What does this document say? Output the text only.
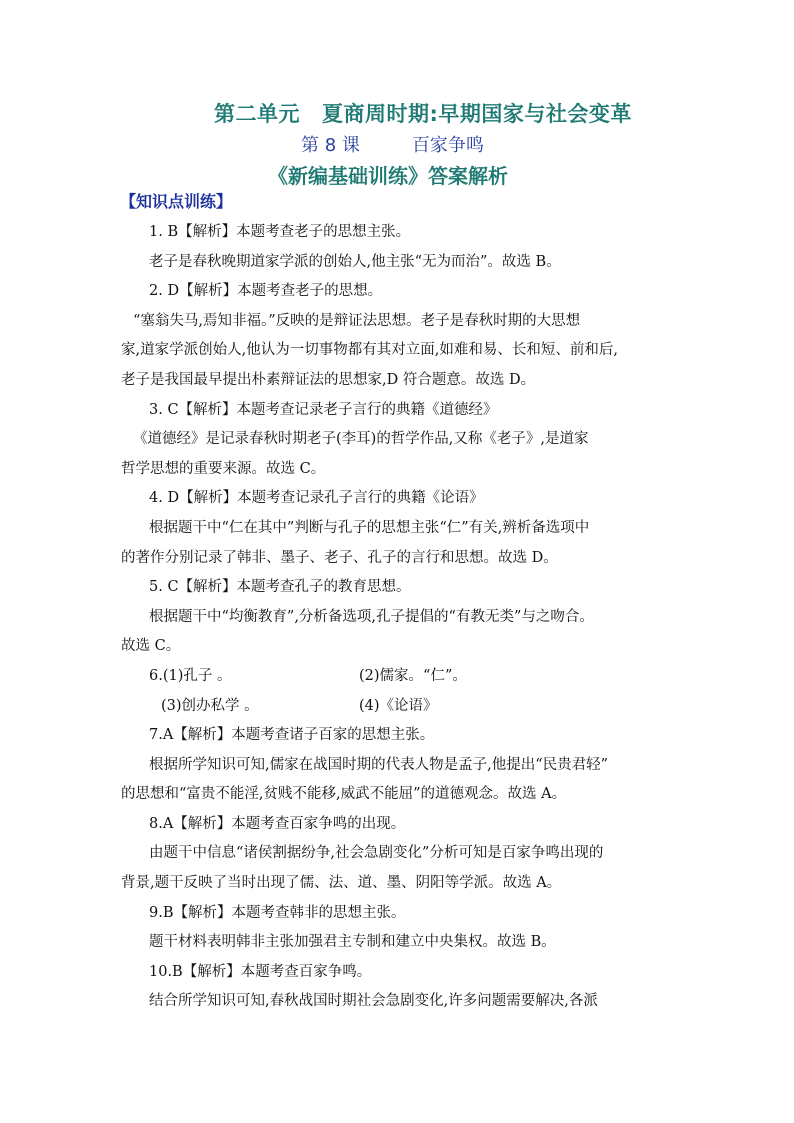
第二单元 夏商周时期:早期国家与社会变革
第 8 课	百家争鸣
《新编基础训练》答案解析
【知识点训练】
1. B【解析】本题考查老子的思想主张。
老子是春秋晚期道家学派的创始人,他主张“无为而治”。故选 B。
2. D【解析】本题考查老子的思想。
“塞翁失马,焉知非福。”反映的是辩证法思想。老子是春秋时期的大思想
家,道家学派创始人,他认为一切事物都有其对立面,如难和易、长和短、前和后,
老子是我国最早提出朴素辩证法的思想家,D 符合题意。故选 D。
3. C【解析】本题考查记录老子言行的典籍《道德经》
《道德经》是记录春秋时期老子(李耳)的哲学作品,又称《老子》,是道家
哲学思想的重要来源。故选 C。
4. D【解析】本题考查记录孔子言行的典籍《论语》
根据题干中“仁在其中”判断与孔子的思想主张“仁”有关,辨析备选项中
的著作分别记录了韩非、墨子、老子、孔子的言行和思想。故选 D。
5. C【解析】本题考查孔子的教育思想。
根据题干中“均衡教育”,分析备选项,孔子提倡的“有教无类”与之吻合。
故选 C。
6.(1)孔子 。	(2)儒家。“仁”。
(3)创办私学 。	(4)《论语》
7.A【解析】本题考查诸子百家的思想主张。
根据所学知识可知,儒家在战国时期的代表人物是孟子,他提出“民贵君轻”
的思想和“富贵不能淫,贫贱不能移,威武不能屈”的道德观念。故选 A。
8.A【解析】本题考查百家争鸣的出现。
由题干中信息“诸侯割据纷争,社会急剧变化”分析可知是百家争鸣出现的
背景,题干反映了当时出现了儒、法、道、墨、阴阳等学派。故选 A。
9.B【解析】本题考查韩非的思想主张。
题干材料表明韩非主张加强君主专制和建立中央集权。故选 B。
10.B【解析】本题考查百家争鸣。
结合所学知识可知,春秋战国时期社会急剧变化,许多问题需要解决,各派
